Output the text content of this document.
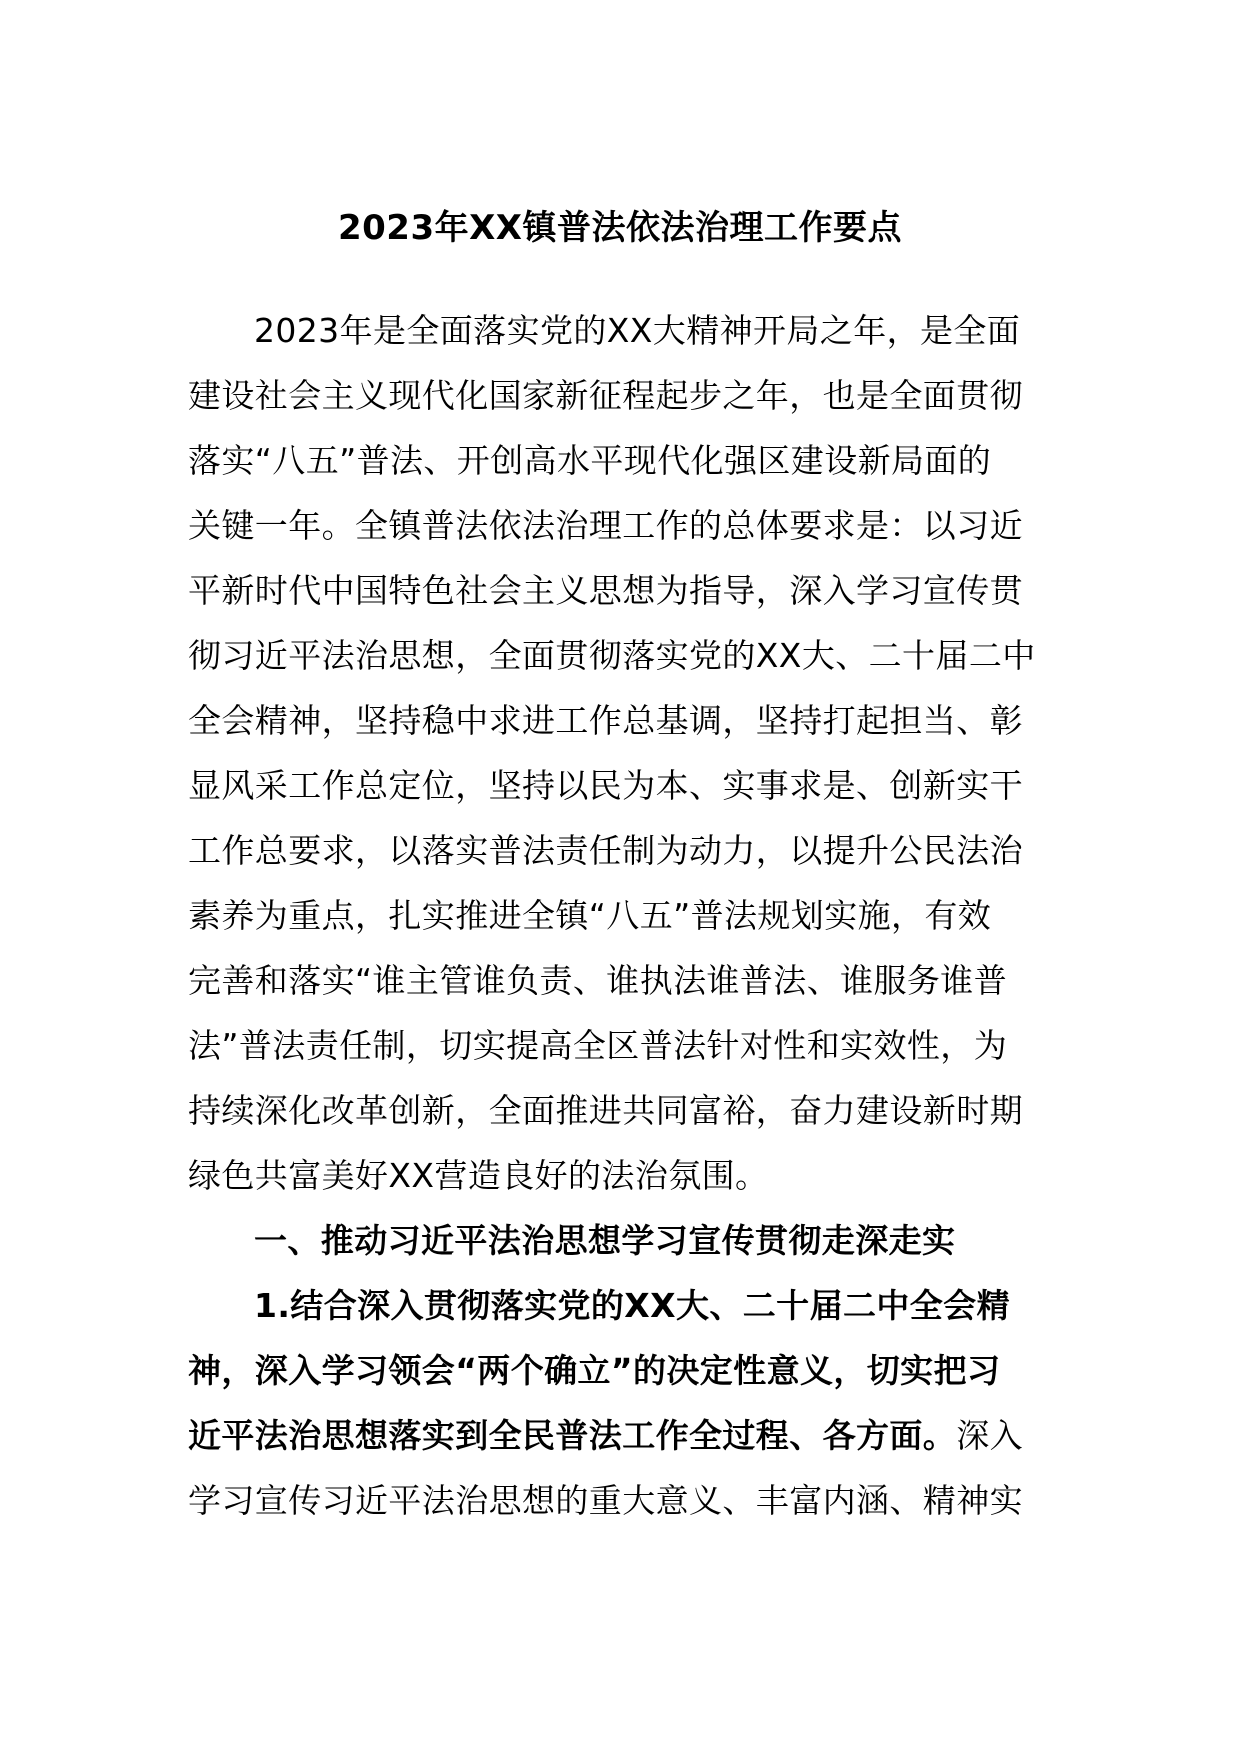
2023年XX镇普法依法治理工作要点
2023年是全面落实党的XX大精神开局之年，是全面
建设社会主义现代化国家新征程起步之年，也是全面贯彻
落实“八五”普法、开创高水平现代化强区建设新局面的
关键一年。全镇普法依法治理工作的总体要求是：以习近
平新时代中国特色社会主义思想为指导，深入学习宣传贯
彻习近平法治思想，全面贯彻落实党的XX大、二十届二中
全会精神，坚持稳中求进工作总基调，坚持打起担当、彰
显风采工作总定位，坚持以民为本、实事求是、创新实干
工作总要求，以落实普法责任制为动力，以提升公民法治
素养为重点，扎实推进全镇“八五”普法规划实施，有效
完善和落实“谁主管谁负责、谁执法谁普法、谁服务谁普
法”普法责任制，切实提高全区普法针对性和实效性，为
持续深化改革创新，全面推进共同富裕，奋力建设新时期
绿色共富美好XX营造良好的法治氛围。
一、推动习近平法治思想学习宣传贯彻走深走实
1.结合深入贯彻落实党的XX大、二十届二中全会精
神，深入学习领会“两个确立”的决定性意义，切实把习
近平法治思想落实到全民普法工作全过程、各方面。深入
学习宣传习近平法治思想的重大意义、丰富内涵、精神实
